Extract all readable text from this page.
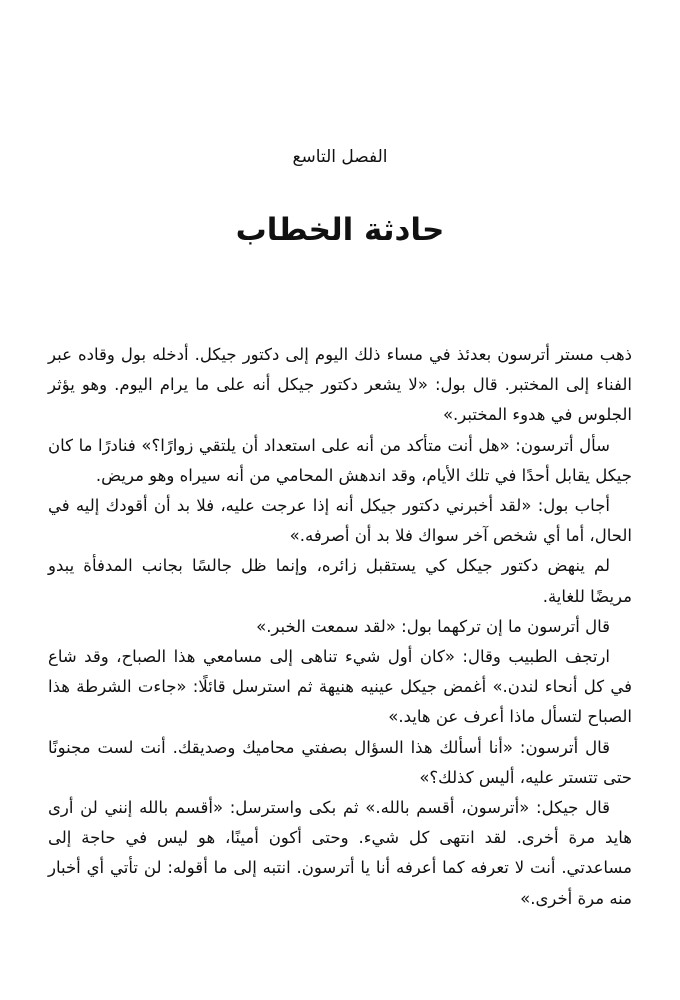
الفصل التاسع
حادثة الخطاب

ذهب مستر أترسون بعدئذ في مساء ذلك اليوم إلى دكتور جيكل. أدخله بول وقاده عبر الفناء إلى المختبر. قال بول: «لا يشعر دكتور جيكل أنه على ما يرام اليوم. وهو يؤثر الجلوس في هدوء المختبر.»

سأل أترسون: «هل أنت متأكد من أنه على استعداد أن يلتقي زوارًا؟» فنادرًا ما كان جيكل يقابل أحدًا في تلك الأيام، وقد اندهش المحامي من أنه سيراه وهو مريض.

أجاب بول: «لقد أخبرني دكتور جيكل أنه إذا عرجت عليه، فلا بد أن أقودك إليه في الحال، أما أي شخص آخر سواك فلا بد أن أصرفه.»

لم ينهض دكتور جيكل كي يستقبل زائره، وإنما ظل جالسًا بجانب المدفأة يبدو مريضًا للغاية.

قال أترسون ما إن تركهما بول: «لقد سمعت الخبر.»

ارتجف الطبيب وقال: «كان أول شيء تناهى إلى مسامعي هذا الصباح، وقد شاع في كل أنحاء لندن.» أغمض جيكل عينيه هنيهة ثم استرسل قائلًا: «جاءت الشرطة هذا الصباح لتسأل ماذا أعرف عن هايد.»

قال أترسون: «أنا أسألك هذا السؤال بصفتي محاميك وصديقك. أنت لست مجنونًا حتى تتستر عليه، أليس كذلك؟»

قال جيكل: «أترسون، أقسم بالله.» ثم بكى واسترسل: «أقسم بالله إنني لن أرى هايد مرة أخرى. لقد انتهى كل شيء. وحتى أكون أمينًا، هو ليس في حاجة إلى مساعدتي. أنت لا تعرفه كما أعرفه أنا يا أترسون. انتبه إلى ما أقوله: لن تأتي أي أخبار منه مرة أخرى.»
